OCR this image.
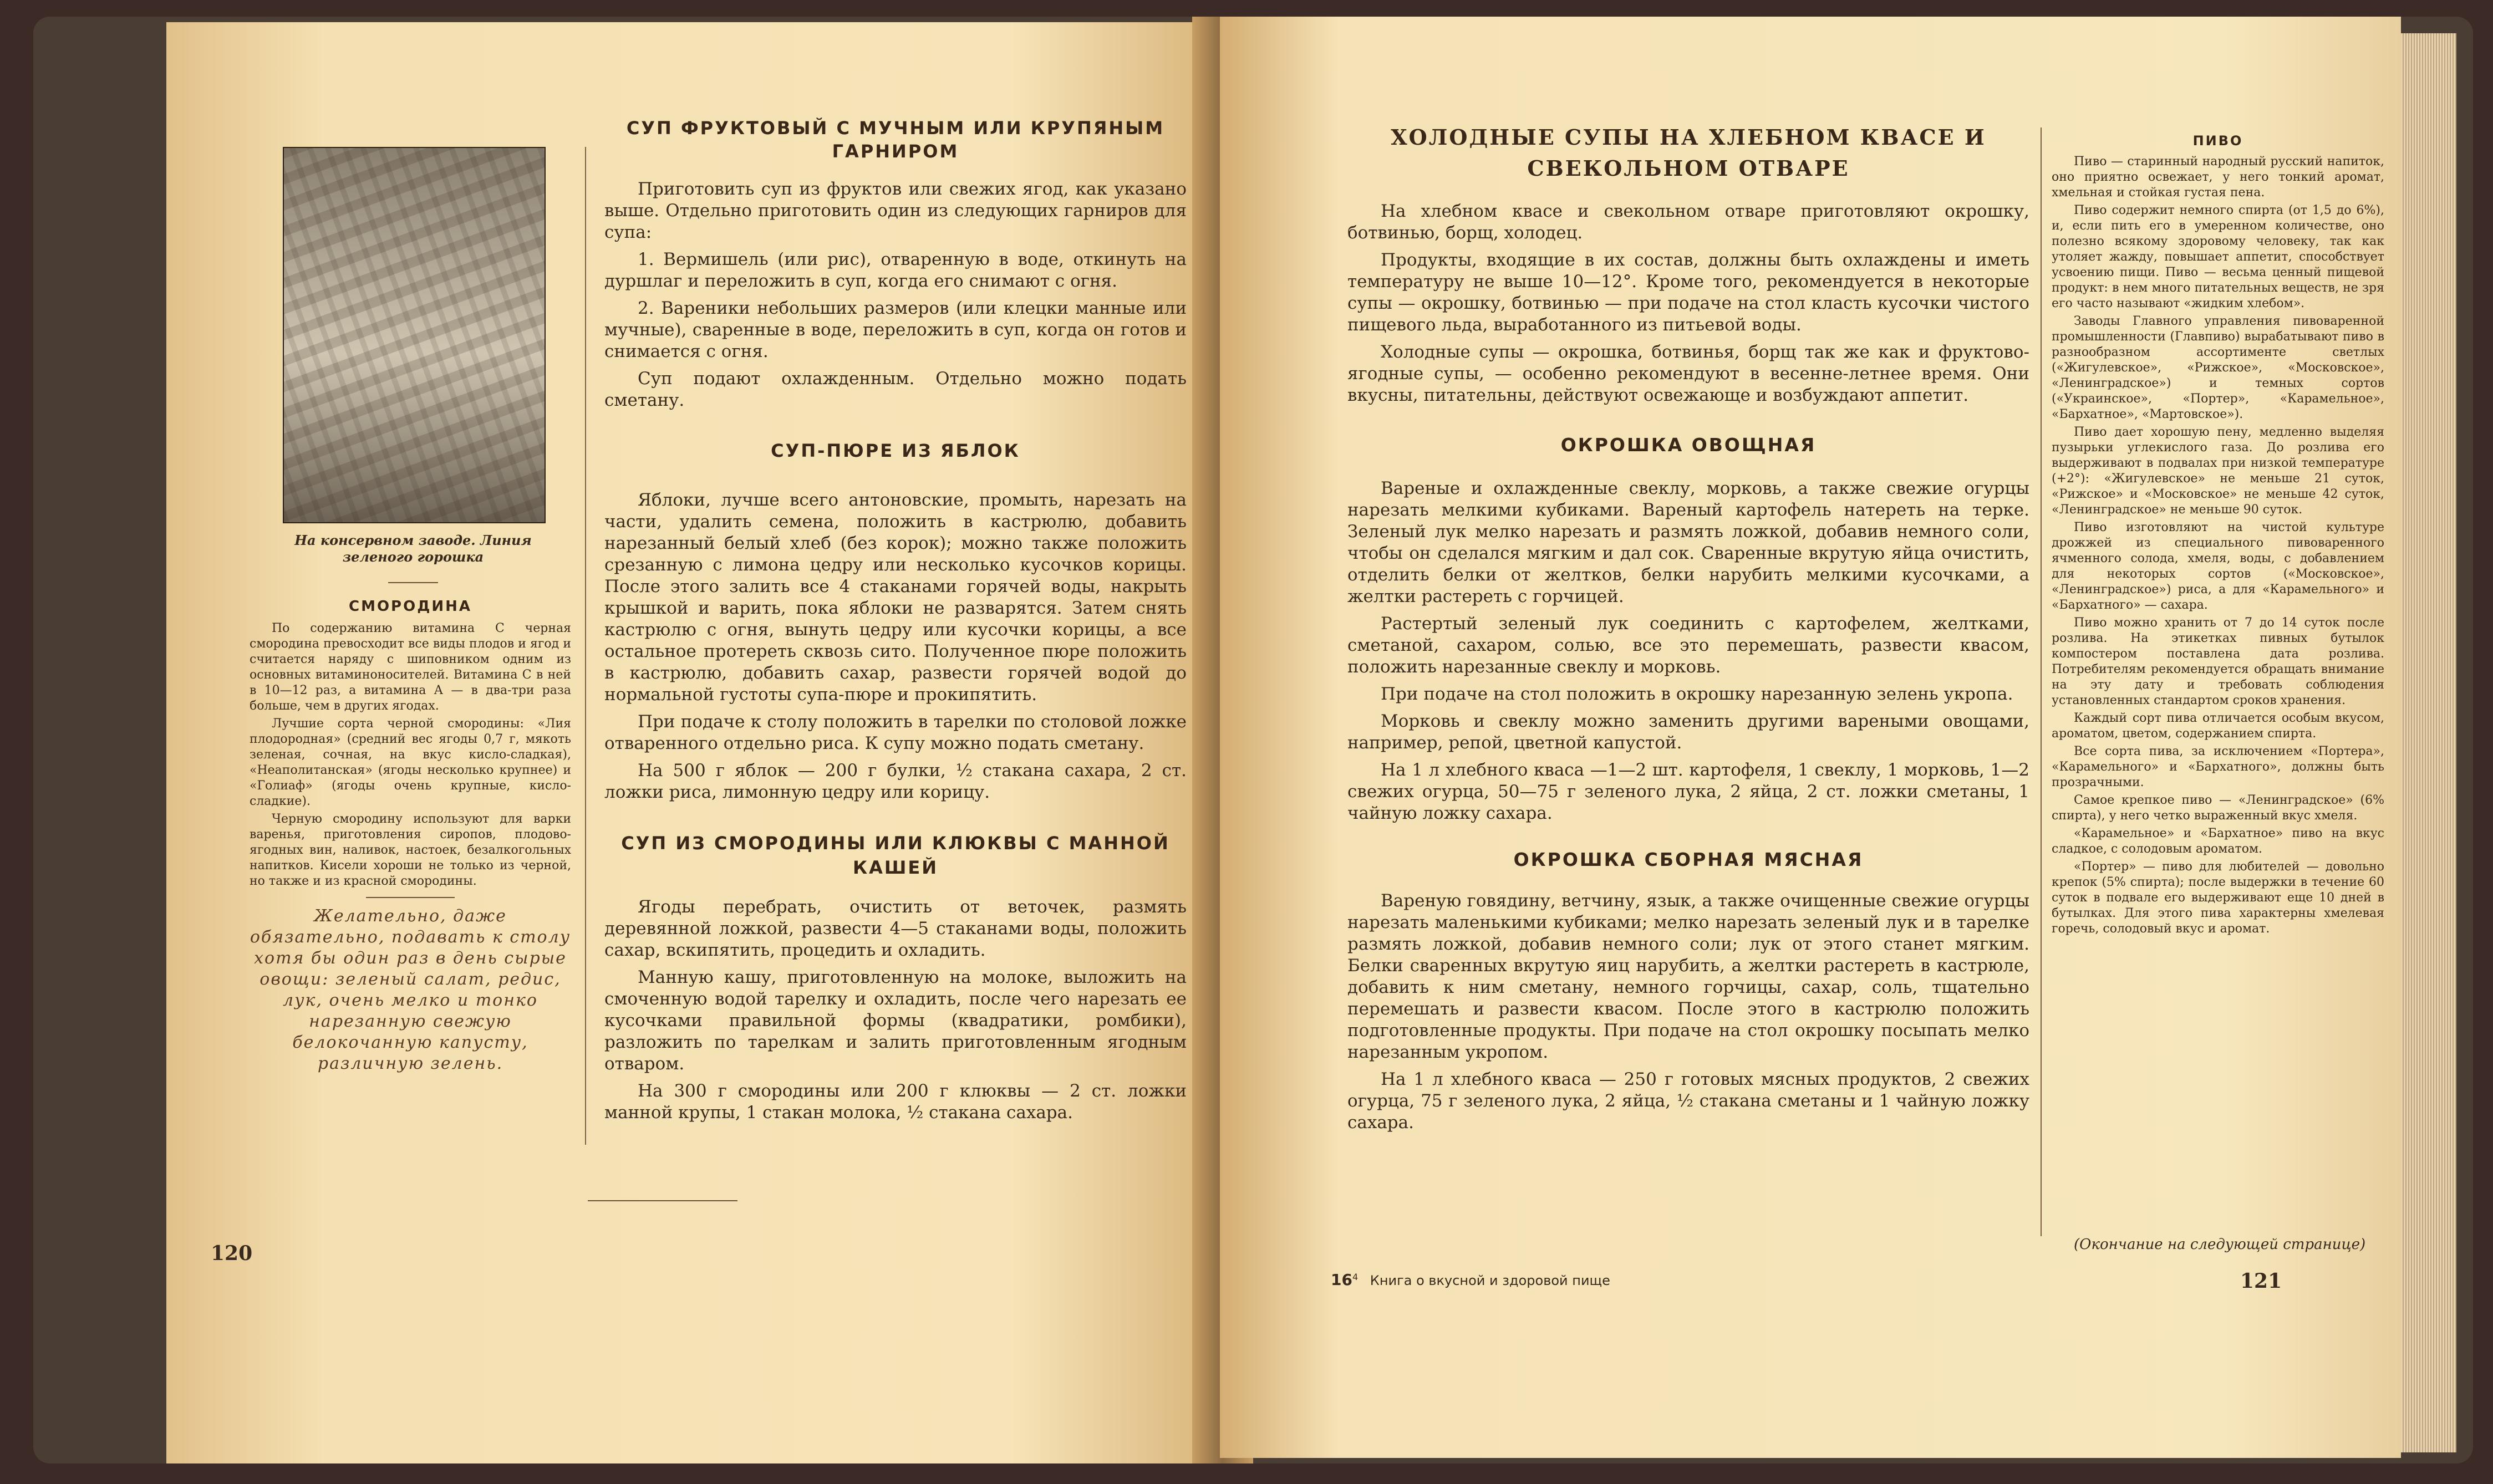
На консервном заводе. Линия зеленого горошка
СМОРОДИНА

По содержанию витамина С черная смородина превосходит все виды плодов и ягод и считается наряду с шиповником одним из основных витаминоносителей. Витамина С в ней в 10—12 раз, а витамина А — в два-три раза больше, чем в других ягодах.

Лучшие сорта черной смородины: «Лия плодородная» (средний вес ягоды 0,7 г, мякоть зеленая, сочная, на вкус кисло-сладкая), «Неаполитанская» (ягоды несколько крупнее) и «Голиаф» (ягоды очень крупные, кисло-сладкие).

Черную смородину используют для варки варенья, приготовления сиропов, плодово-ягодных вин, наливок, настоек, безалкогольных напитков. Кисели хороши не только из черной, но также и из красной смородины.

Желательно, даже обязательно, подавать к столу хотя бы один раз в день сырые овощи: зеленый салат, редис, лук, очень мелко и тонко нарезанную свежую белокочанную капусту, различную зелень.
СУП ФРУКТОВЫЙ С МУЧНЫМ ИЛИ КРУПЯНЫМ ГАРНИРОМ

Приготовить суп из фруктов или свежих ягод, как указано выше. Отдельно приготовить один из следующих гарниров для супа:

1. Вермишель (или рис), отваренную в воде, откинуть на дуршлаг и переложить в суп, когда его снимают с огня.

2. Вареники небольших размеров (или клецки манные или мучные), сваренные в воде, переложить в суп, когда он готов и снимается с огня.

Суп подают охлажденным. Отдельно можно подать сметану.

СУП-ПЮРЕ ИЗ ЯБЛОК

Яблоки, лучше всего антоновские, промыть, нарезать на части, удалить семена, положить в кастрюлю, добавить нарезанный белый хлеб (без корок); можно также положить срезанную с лимона цедру или несколько кусочков корицы. После этого залить все 4 стаканами горячей воды, накрыть крышкой и варить, пока яблоки не разварятся. Затем снять кастрюлю с огня, вынуть цедру или кусочки корицы, а все остальное протереть сквозь сито. Полученное пюре положить в кастрюлю, добавить сахар, развести горячей водой до нормальной густоты супа-пюре и прокипятить.

При подаче к столу положить в тарелки по столовой ложке отваренного отдельно риса. К супу можно подать сметану.

На 500 г яблок — 200 г булки, ½ стакана сахара, 2 ст. ложки риса, лимонную цедру или корицу.

СУП ИЗ СМОРОДИНЫ ИЛИ КЛЮКВЫ С МАННОЙ КАШЕЙ

Ягоды перебрать, очистить от веточек, размять деревянной ложкой, развести 4—5 стаканами воды, положить сахар, вскипятить, процедить и охладить.

Манную кашу, приготовленную на молоке, выложить на смоченную водой тарелку и охладить, после чего нарезать ее кусочками правильной формы (квадратики, ромбики), разложить по тарелкам и залить приготовленным ягодным отваром.

На 300 г смородины или 200 г клюквы — 2 ст. ложки манной крупы, 1 стакан молока, ½ стакана сахара.

120
ХОЛОДНЫЕ СУПЫ НА ХЛЕБНОМ КВАСЕ И СВЕКОЛЬНОМ ОТВАРЕ

На хлебном квасе и свекольном отваре приготовляют окрошку, ботвинью, борщ, холодец.

Продукты, входящие в их состав, должны быть охлаждены и иметь температуру не выше 10—12°. Кроме того, рекомендуется в некоторые супы — окрошку, ботвинью — при подаче на стол класть кусочки чистого пищевого льда, выработанного из питьевой воды.

Холодные супы — окрошка, ботвинья, борщ так же как и фруктово-ягодные супы, — особенно рекомендуют в весенне-летнее время. Они вкусны, питательны, действуют освежающе и возбуждают аппетит.

ОКРОШКА ОВОЩНАЯ

Вареные и охлажденные свеклу, морковь, а также свежие огурцы нарезать мелкими кубиками. Вареный картофель натереть на терке. Зеленый лук мелко нарезать и размять ложкой, добавив немного соли, чтобы он сделался мягким и дал сок. Сваренные вкрутую яйца очистить, отделить белки от желтков, белки нарубить мелкими кусочками, а желтки растереть с горчицей.

Растертый зеленый лук соединить с картофелем, желтками, сметаной, сахаром, солью, все это перемешать, развести квасом, положить нарезанные свеклу и морковь.

При подаче на стол положить в окрошку нарезанную зелень укропа.

Морковь и свеклу можно заменить другими вареными овощами, например, репой, цветной капустой.

На 1 л хлебного кваса —1—2 шт. картофеля, 1 свеклу, 1 морковь, 1—2 свежих огурца, 50—75 г зеленого лука, 2 яйца, 2 ст. ложки сметаны, 1 чайную ложку сахара.

ОКРОШКА СБОРНАЯ МЯСНАЯ

Вареную говядину, ветчину, язык, а также очищенные свежие огурцы нарезать маленькими кубиками; мелко нарезать зеленый лук и в тарелке размять ложкой, добавив немного соли; лук от этого станет мягким. Белки сваренных вкрутую яиц нарубить, а желтки растереть в кастрюле, добавить к ним сметану, немного горчицы, сахар, соль, тщательно перемешать и развести квасом. После этого в кастрюлю положить подготовленные продукты. При подаче на стол окрошку посыпать мелко нарезанным укропом.

На 1 л хлебного кваса — 250 г готовых мясных продуктов, 2 свежих огурца, 75 г зеленого лука, 2 яйца, ½ стакана сметаны и 1 чайную ложку сахара.

ПИВО

Пиво — старинный народный русский напиток, оно приятно освежает, у него тонкий аромат, хмельная и стойкая густая пена.

Пиво содержит немного спирта (от 1,5 до 6%), и, если пить его в умеренном количестве, оно полезно всякому здоровому человеку, так как утоляет жажду, повышает аппетит, способствует усвоению пищи. Пиво — весьма ценный пищевой продукт: в нем много питательных веществ, не зря его часто называют «жидким хлебом».

Заводы Главного управления пивоваренной промышленности (Главпиво) вырабатывают пиво в разнообразном ассортименте светлых («Жигулевское», «Рижское», «Московское», «Ленинградское») и темных сортов («Украинское», «Портер», «Карамельное», «Бархатное», «Мартовское»).

Пиво дает хорошую пену, медленно выделяя пузырьки углекислого газа. До розлива его выдерживают в подвалах при низкой температуре (+2°): «Жигулевское» не меньше 21 суток, «Рижское» и «Московское» не меньше 42 суток, «Ленинградское» не меньше 90 суток.

Пиво изготовляют на чистой культуре дрожжей из специального пивоваренного ячменного солода, хмеля, воды, с добавлением для некоторых сортов («Московское», «Ленинградское») риса, а для «Карамельного» и «Бархатного» — сахара.

Пиво можно хранить от 7 до 14 суток после розлива. На этикетках пивных бутылок компостером поставлена дата розлива. Потребителям рекомендуется обращать внимание на эту дату и требовать соблюдения установленных стандартом сроков хранения.

Каждый сорт пива отличается особым вкусом, ароматом, цветом, содержанием спирта.

Все сорта пива, за исключением «Портера», «Карамельного» и «Бархатного», должны быть прозрачными.

Самое крепкое пиво — «Ленинградское» (6% спирта), у него четко выраженный вкус хмеля.

«Карамельное» и «Бархатное» пиво на вкус сладкое, с солодовым ароматом.

«Портер» — пиво для любителей — довольно крепок (5% спирта); после выдержки в течение 60 суток в подвале его выдерживают еще 10 дней в бутылках. Для этого пива характерны хмелевая горечь, солодовый вкус и аромат.

(Окончание на следующей странице)
$16^4$ Книга о вкусной и здоровой пище	121
